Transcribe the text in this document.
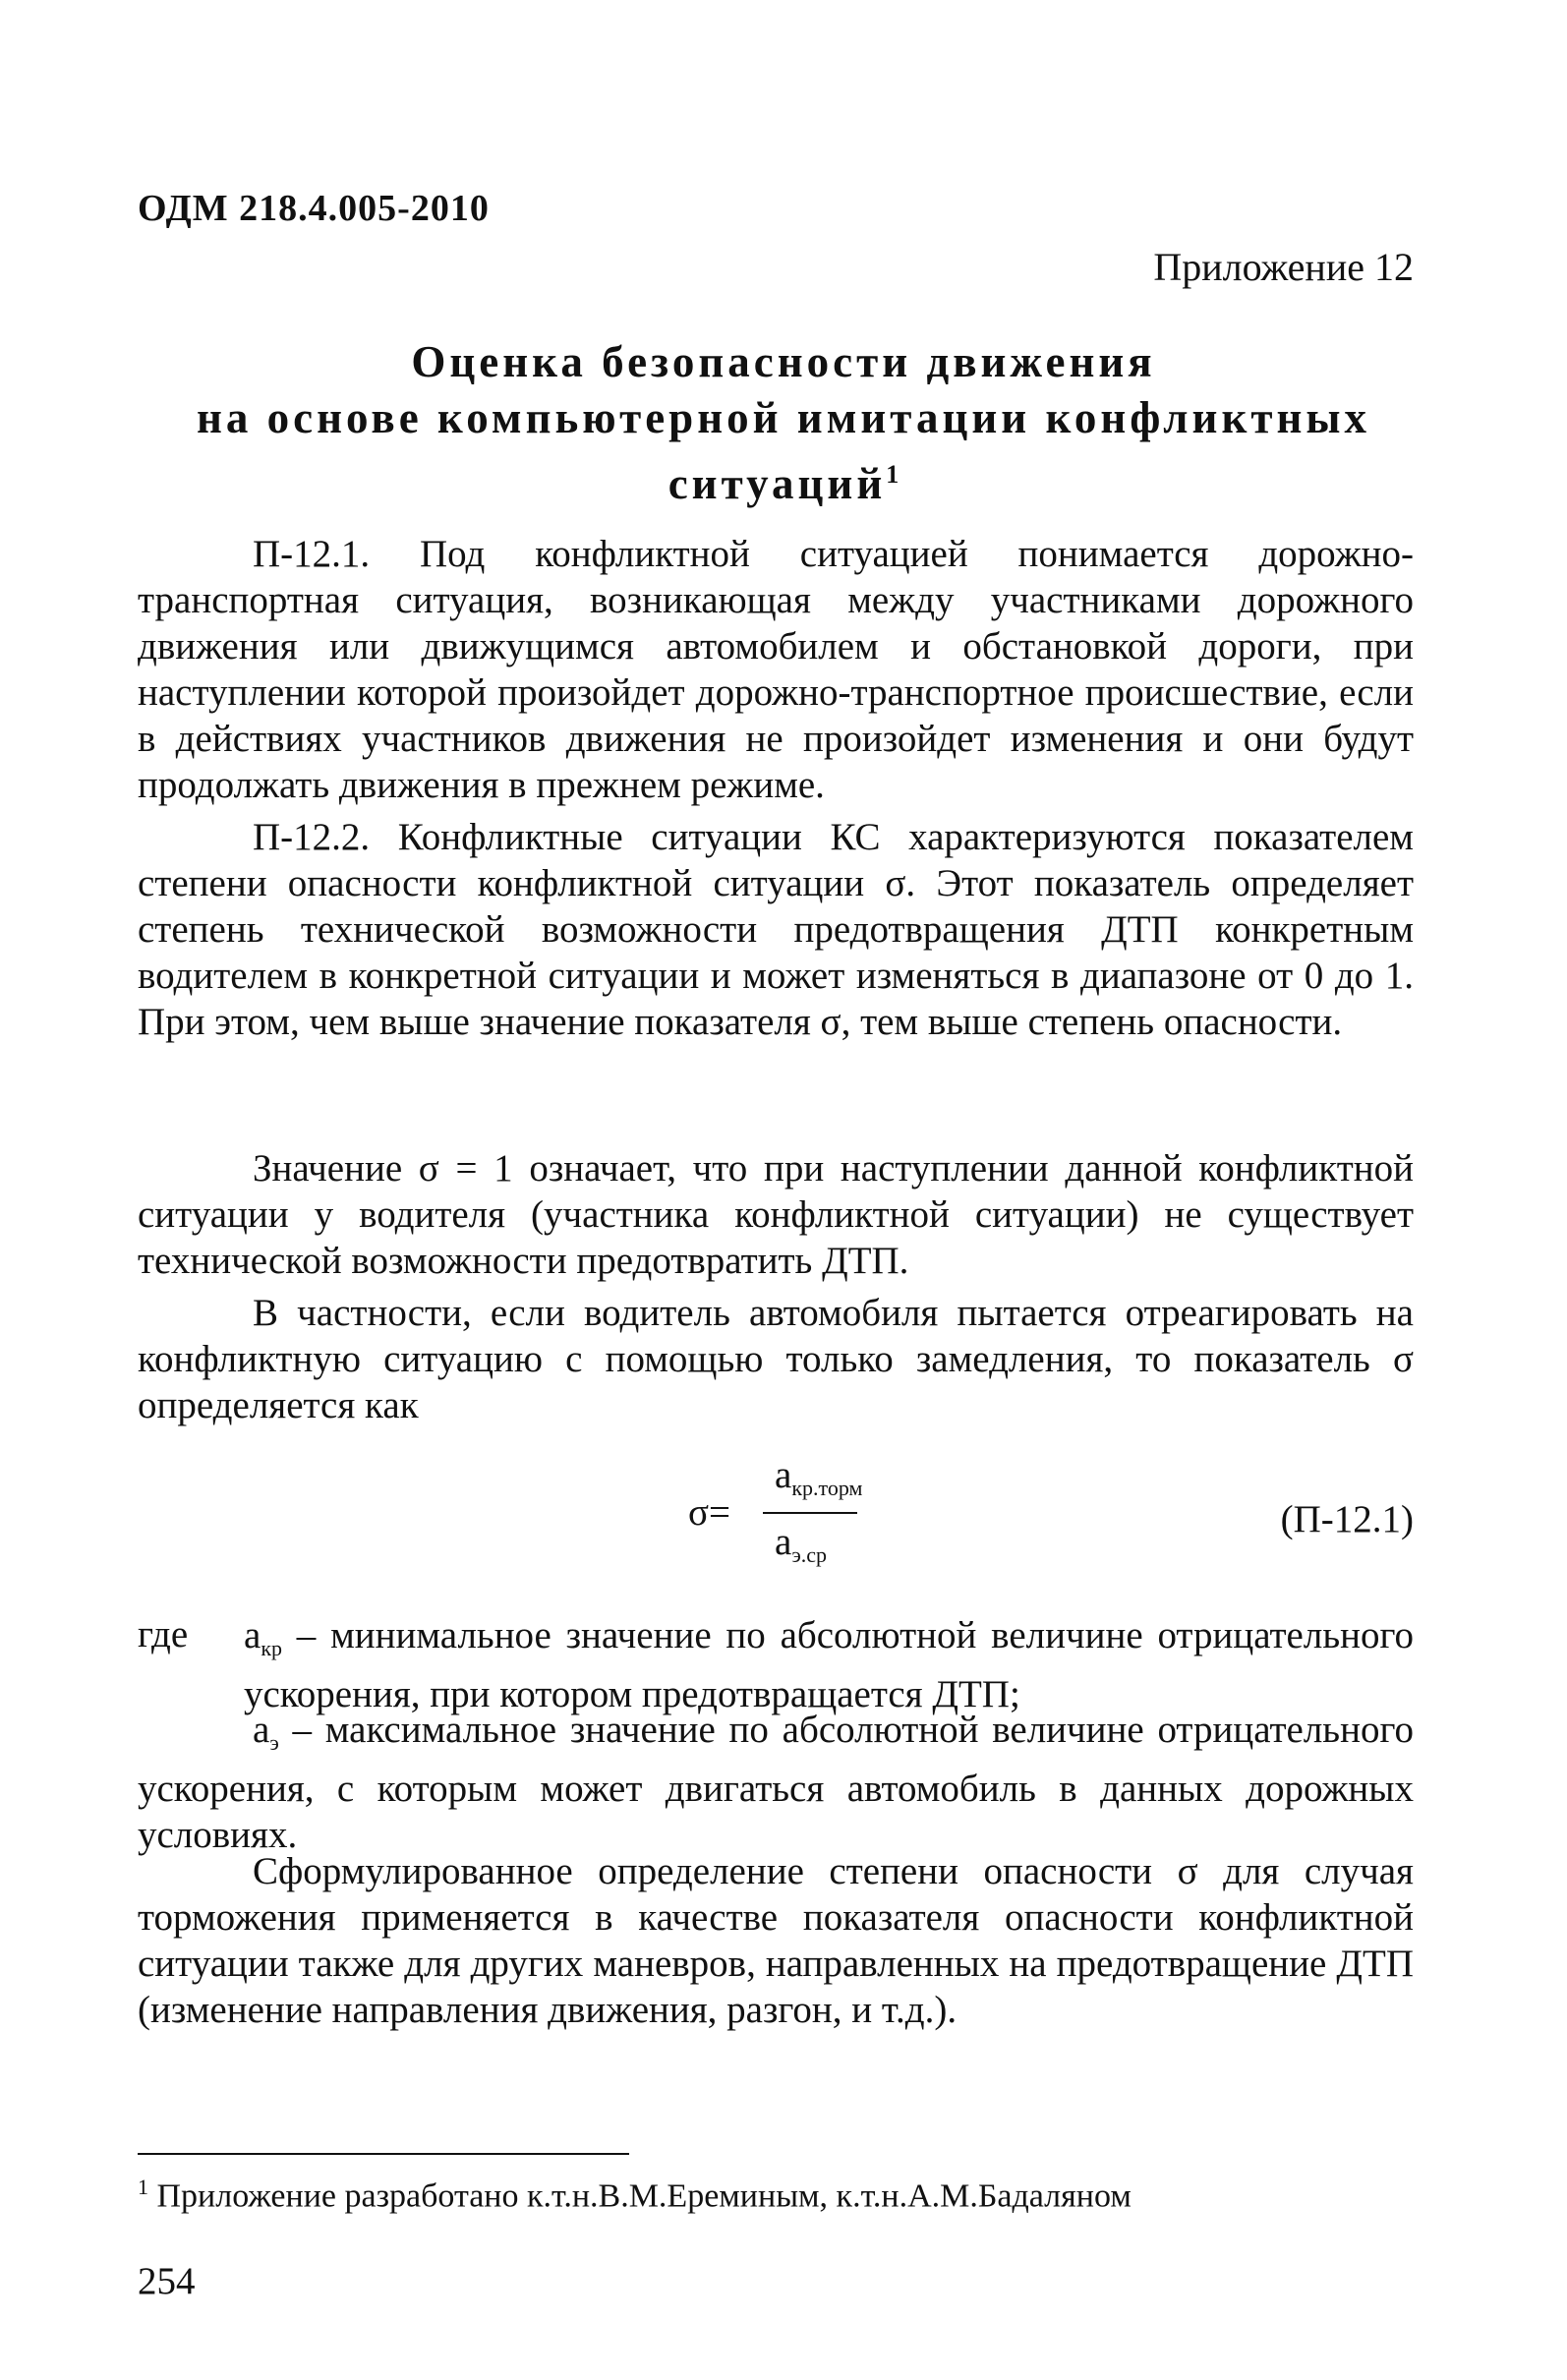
ОДМ 218.4.005-2010
Приложение 12
Оценка безопасности движения
на основе компьютерной имитации конфликтных
ситуаций$^1$

П-12.1. Под конфликтной ситуацией понимается дорожно-транспортная ситуация, возникающая между участниками дорожного движения или движущимся автомобилем и обстановкой дороги, при наступлении которой произойдет дорожно-транспортное происшествие, если в действиях участников движения не произойдет изменения и они будут продолжать движения в прежнем режиме.

П-12.2. Конфликтные ситуации КС характеризуются показателем степени опасности конфликтной ситуации σ. Этот показатель определяет степень технической возможности предотвращения ДТП конкретным водителем в конкретной ситуации и может изменяться в диапазоне от 0 до 1. При этом, чем выше значение показателя σ, тем выше степень опасности.

Значение σ = 1 означает, что при наступлении данной конфликтной ситуации у водителя (участника конфликтной ситуации) не существует технической возможности предотвратить ДТП.

В частности, если водитель автомобиля пытается отреагировать на конфликтную ситуацию с помощью только замедления, то показатель σ определяется как

σ=
$a_{кр.торм}$
$a_{э.ср}$
(П-12.1)
где $a_{кр}$ – минимальное значение по абсолютной величине отрицательного ускорения, при котором предотвращается ДТП;

$a_э$ – максимальное значение по абсолютной величине отрицательного ускорения, с которым может двигаться автомобиль в данных дорожных условиях.

Сформулированное определение степени опасности σ для случая торможения применяется в качестве показателя опасности конфликтной ситуации также для других маневров, направленных на предотвращение ДТП (изменение направления движения, разгон, и т.д.).

$^1$ Приложение разработано к.т.н.В.М.Ереминым, к.т.н.А.М.Бадаляном
254
